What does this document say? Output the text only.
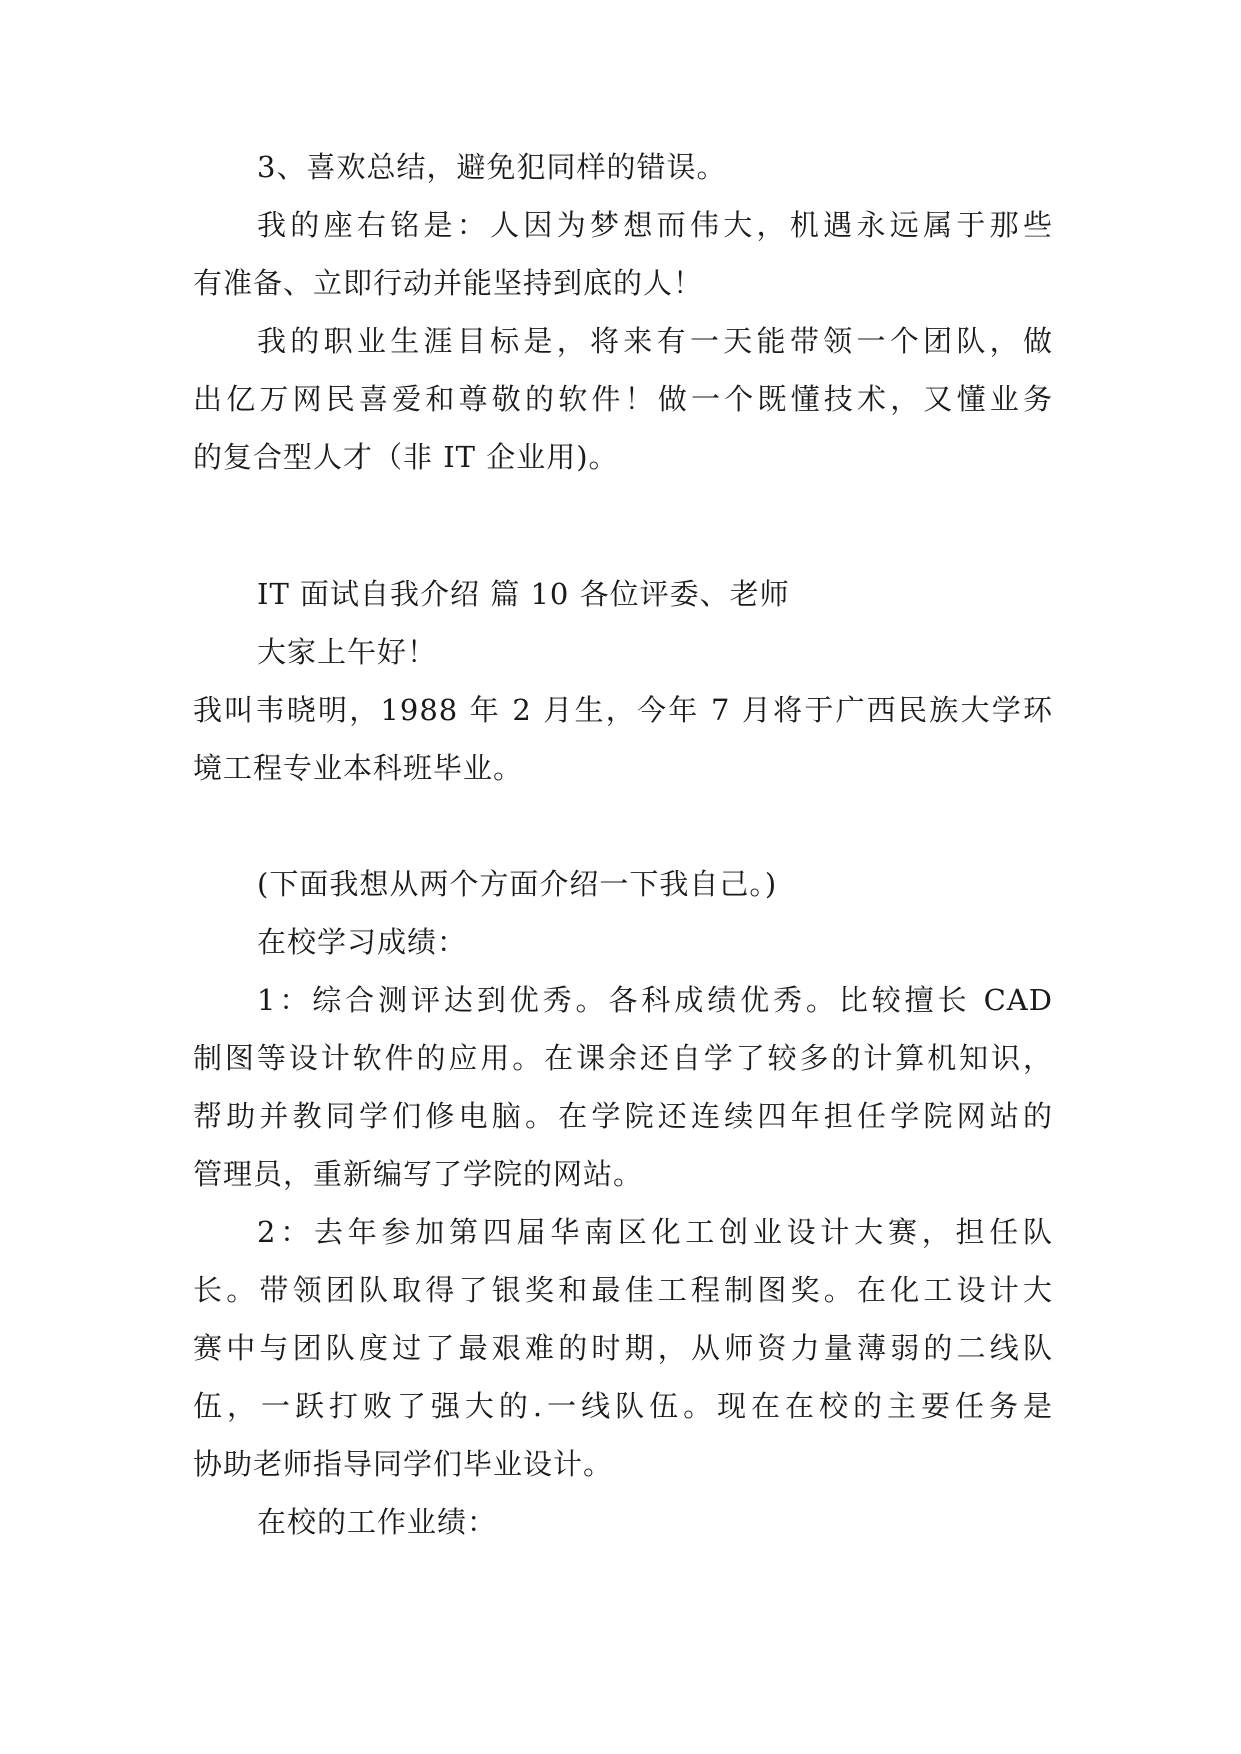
3、喜欢总结，避免犯同样的错误。
我的座右铭是：人因为梦想而伟大，机遇永远属于那些
有准备、立即行动并能坚持到底的人！
我的职业生涯目标是，将来有一天能带领一个团队，做
出亿万网民喜爱和尊敬的软件！做一个既懂技术，又懂业务
的复合型人才（非 IT 企业用)。
IT 面试自我介绍 篇 10 各位评委、老师
大家上午好！
我叫韦晓明，1988 年 2 月生，今年 7 月将于广西民族大学环
境工程专业本科班毕业。
(下面我想从两个方面介绍一下我自己。)
在校学习成绩：
1：综合测评达到优秀。各科成绩优秀。比较擅长 CAD
制图等设计软件的应用。在课余还自学了较多的计算机知识，
帮助并教同学们修电脑。在学院还连续四年担任学院网站的
管理员，重新编写了学院的网站。
2：去年参加第四届华南区化工创业设计大赛，担任队
长。带领团队取得了银奖和最佳工程制图奖。在化工设计大
赛中与团队度过了最艰难的时期，从师资力量薄弱的二线队
伍，一跃打败了强大的.一线队伍。现在在校的主要任务是
协助老师指导同学们毕业设计。
在校的工作业绩：
